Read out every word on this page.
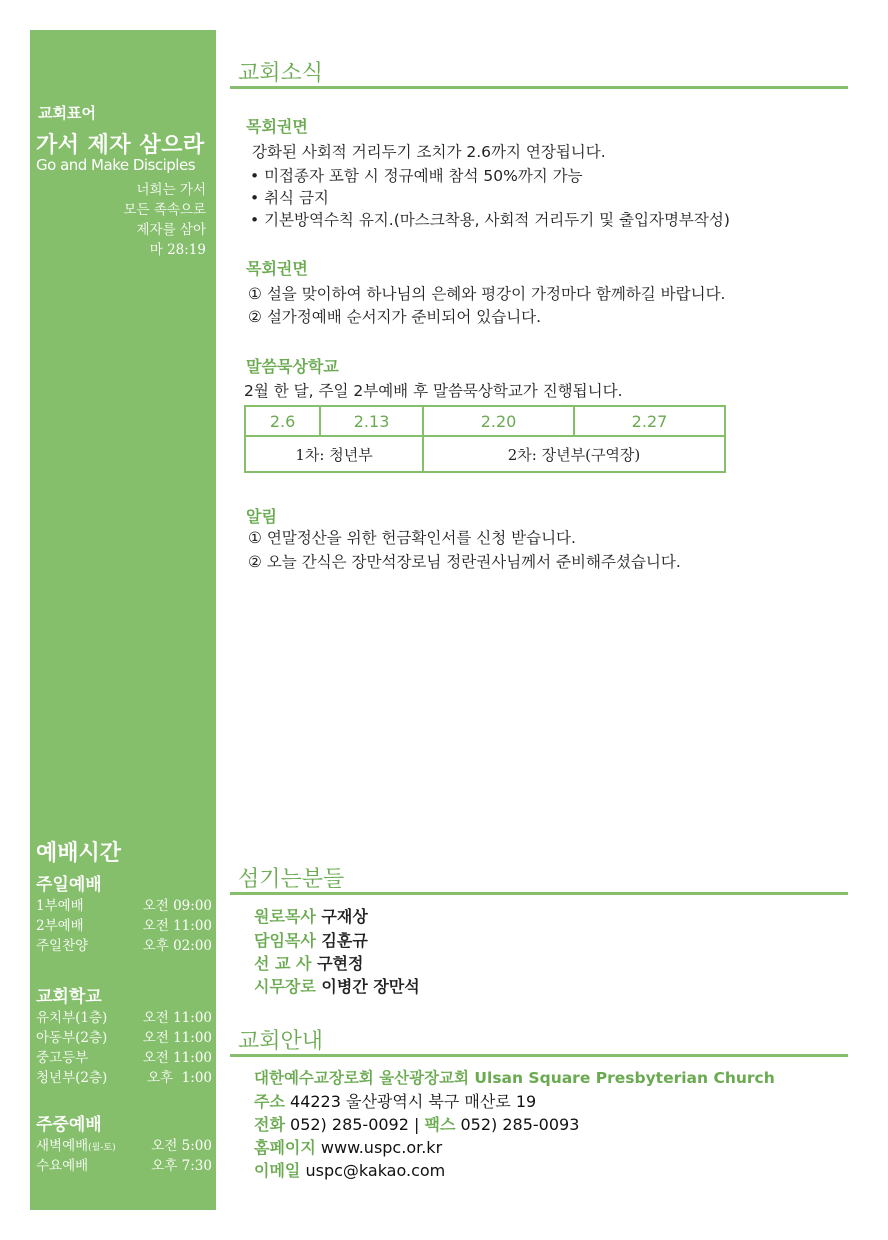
교회표어
가서 제자 삼으라
Go and Make Disciples
너희는 가서
모든 족속으로
제자를 삼아
마 28:19
예배시간
주일예배
1부예배	오전 09:00
2부예배	오전 11:00
주일찬양	오후 02:00
교회학교
유치부(1층)	오전 11:00
아동부(2층)	오전 11:00
중고등부	오전 11:00
청년부(2층)	오후  1:00
주중예배
새벽예배(월-토)	오전 5:00
수요예배	오후 7:30
교회소식
목회권면
강화된 사회적 거리두기 조치가 2.6까지 연장됩니다.
• 미접종자 포함 시 정규예배 참석 50%까지 가능
• 취식 금지
• 기본방역수칙 유지.(마스크착용, 사회적 거리두기 및 출입자명부작성)
목회권면
① 설을 맞이하여 하나님의 은혜와 평강이 가정마다 함께하길 바랍니다.
② 설가정예배 순서지가 준비되어 있습니다.
말씀묵상학교
2월 한 달, 주일 2부예배 후 말씀묵상학교가 진행됩니다.
2.6	2.13	2.20	2.27
1차: 청년부		2차: 장년부(구역장)	
알림
① 연말정산을 위한 헌금확인서를 신청 받습니다.
② 오늘 간식은 장만석장로님 정란권사님께서 준비해주셨습니다.
섬기는분들
원로목사 구재상
담임목사 김훈규
선 교 사 구현정
시무장로 이병간 장만석
교회안내
대한예수교장로회 울산광장교회 Ulsan Square Presbyterian Church
주소 44223 울산광역시 북구 매산로 19
전화 052) 285-0092 | 팩스 052) 285-0093
홈페이지 www.uspc.or.kr
이메일 uspc@kakao.com
